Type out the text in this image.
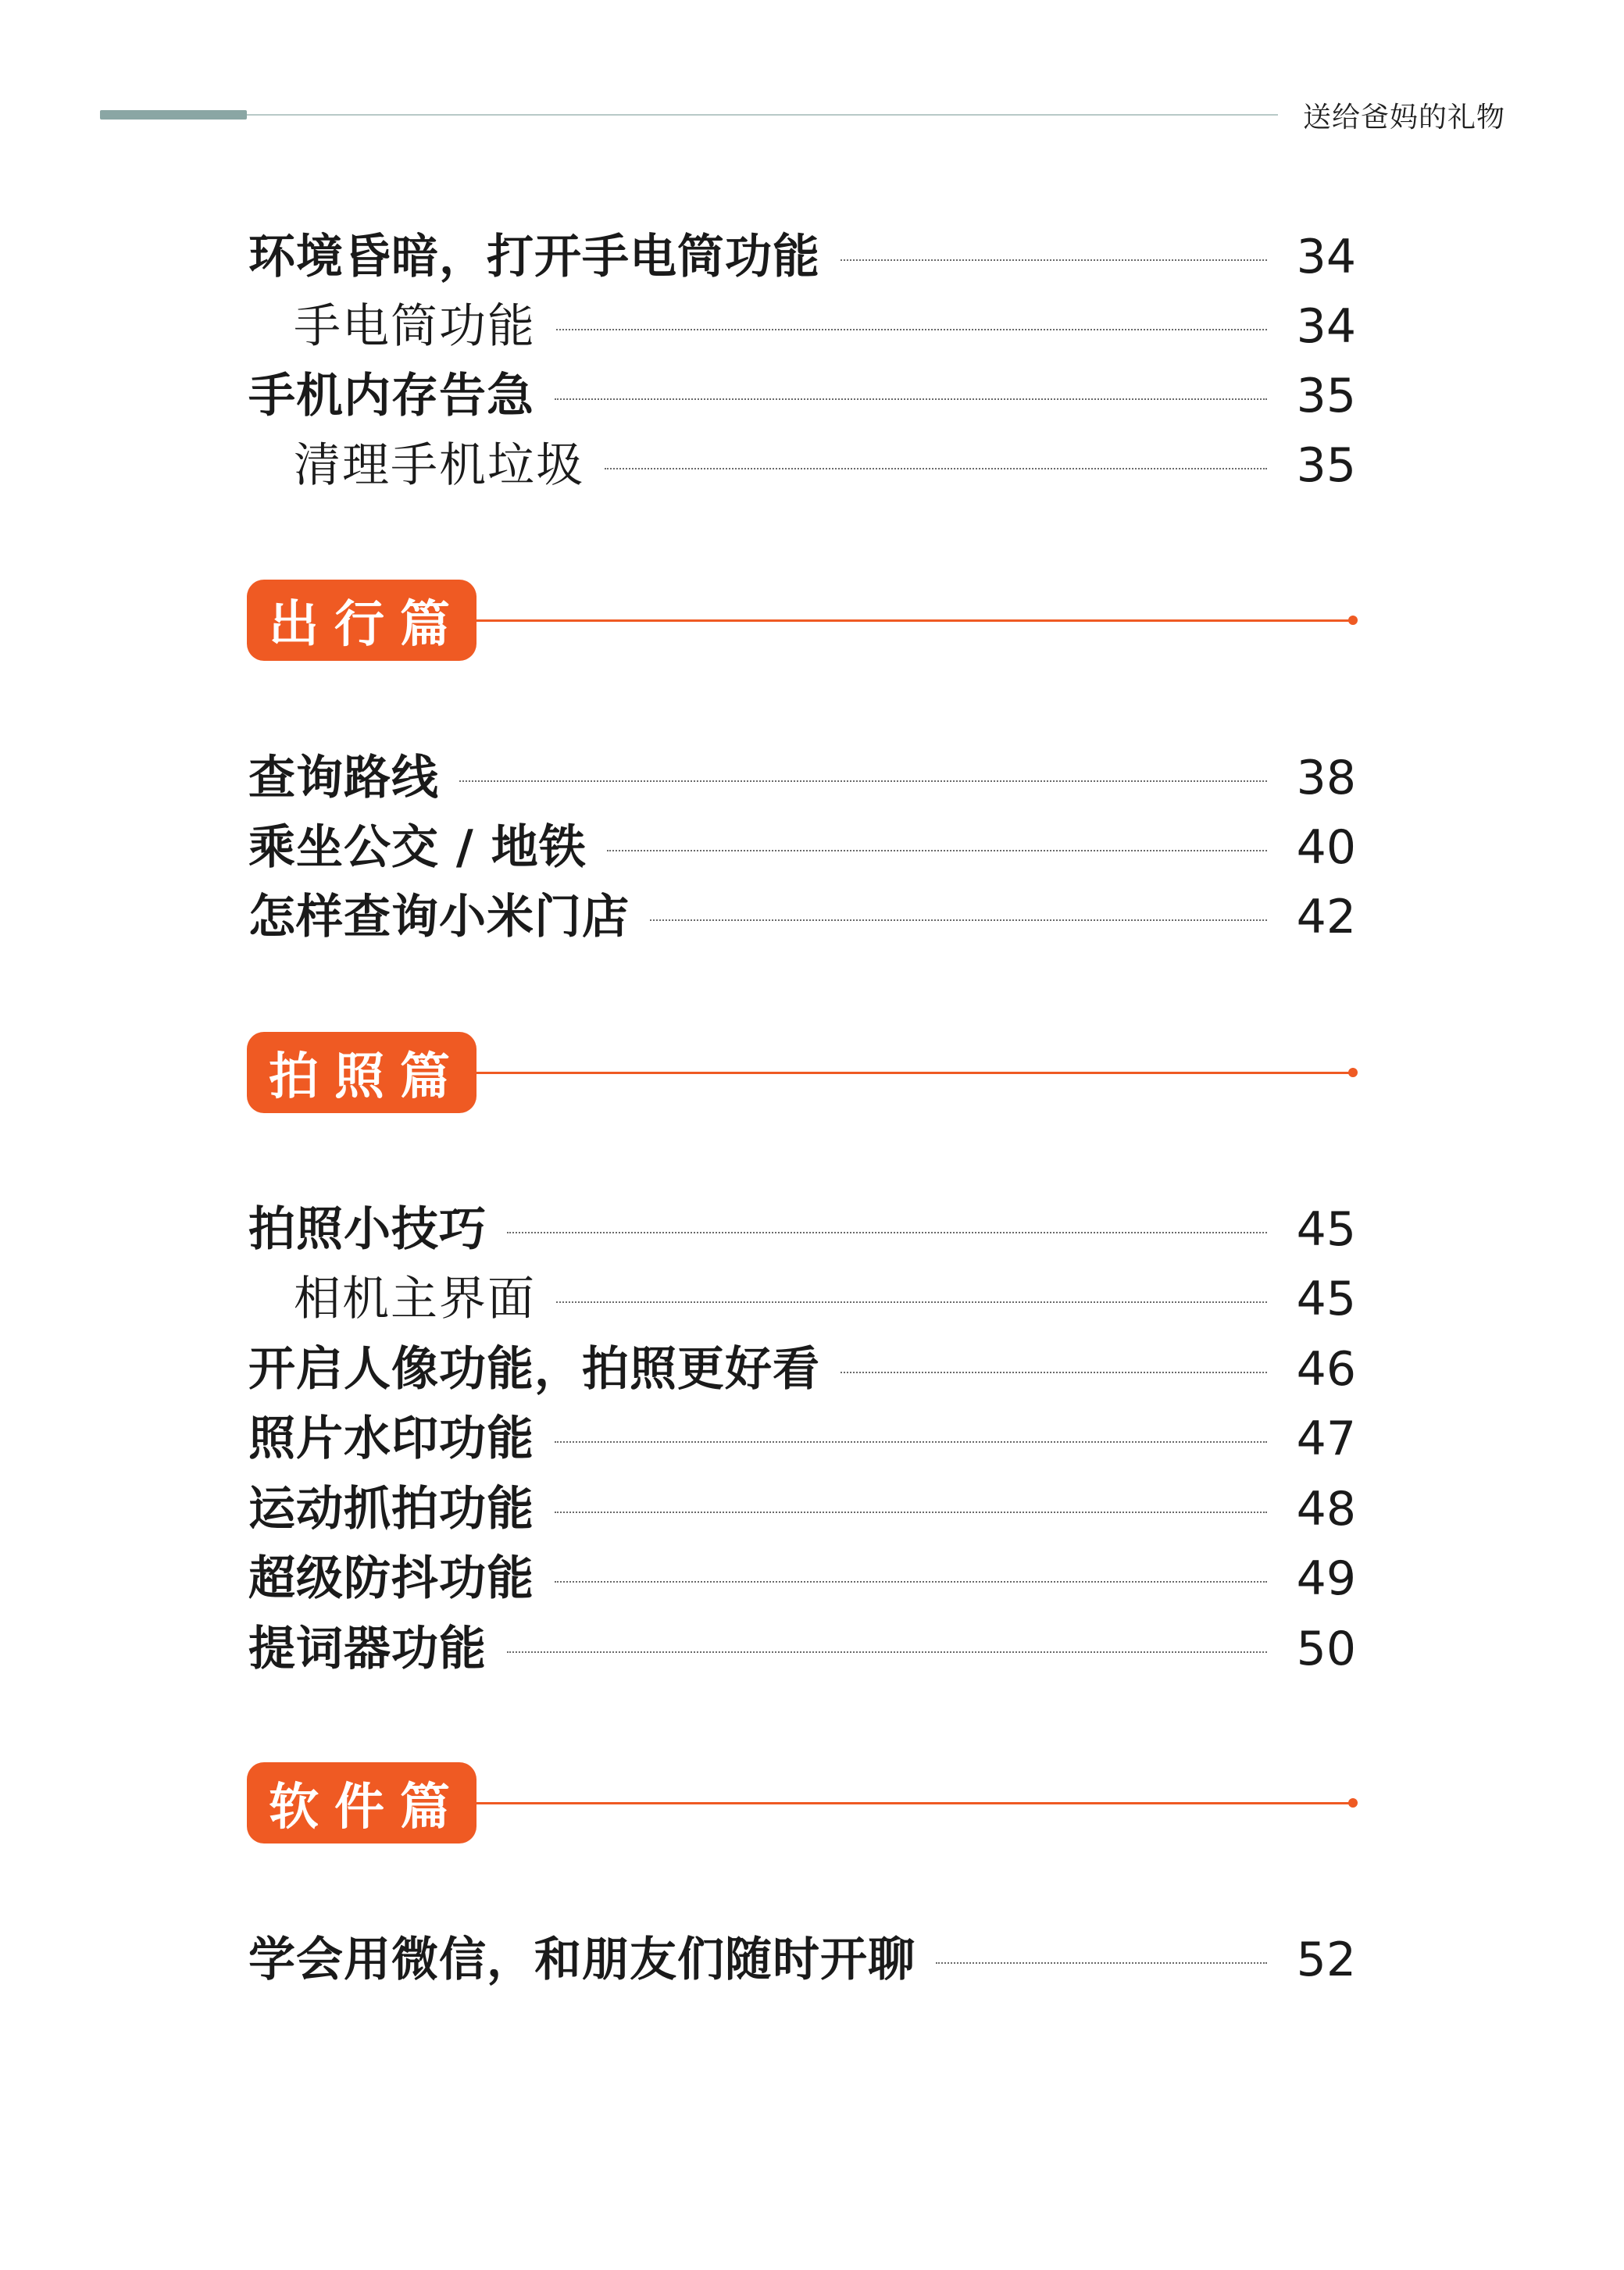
送给爸妈的礼物
环境昏暗，打开手电筒功能	34
手电筒功能	34
手机内存告急	35
清理手机垃圾	35
出行篇
查询路线	38
乘坐公交 / 地铁	40
怎样查询小米门店	42
拍照篇
拍照小技巧	45
相机主界面	45
开启人像功能，拍照更好看	46
照片水印功能	47
运动抓拍功能	48
超级防抖功能	49
提词器功能	50
软件篇
学会用微信，和朋友们随时开聊	52
